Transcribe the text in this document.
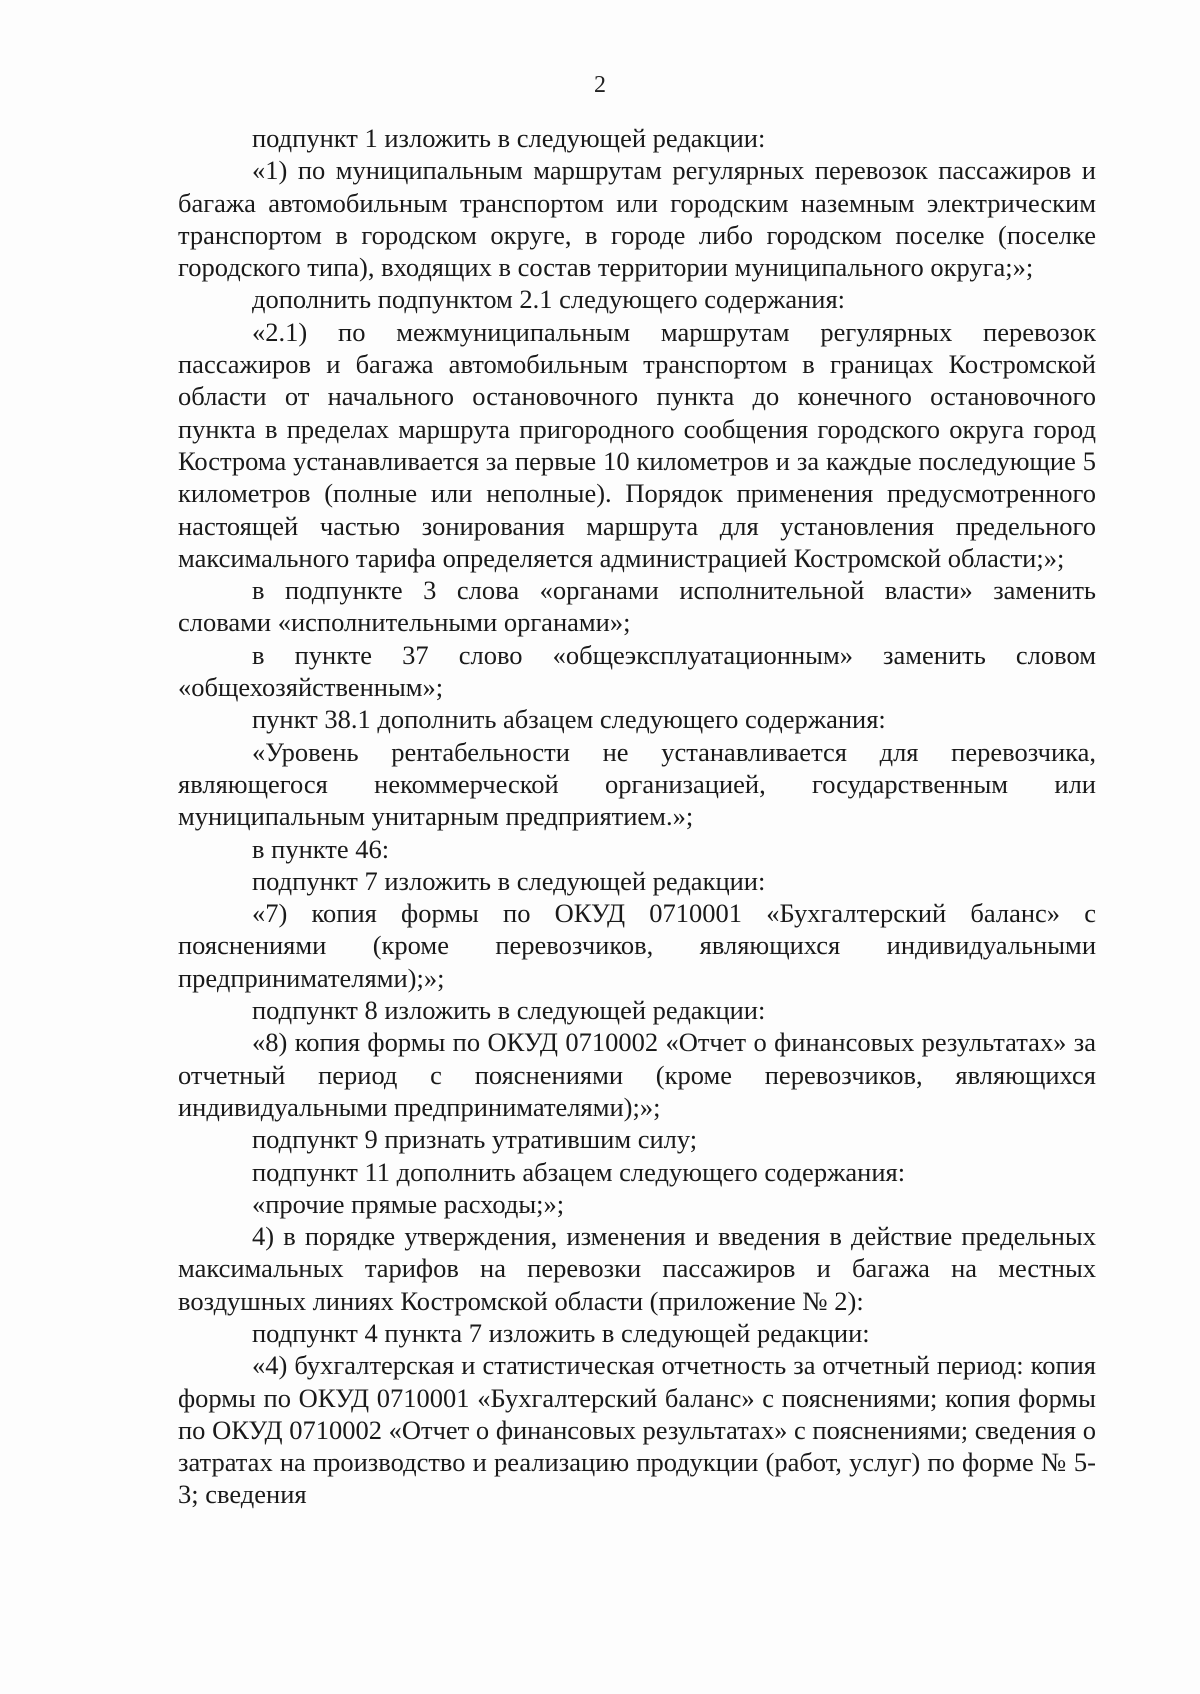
2

подпункт 1 изложить в следующей редакции:

«1) по муниципальным маршрутам регулярных перевозок пассажиров и багажа автомобильным транспортом или городским наземным электрическим транспортом в городском округе, в городе либо городском поселке (поселке городского типа), входящих в состав территории муниципального округа;»;

дополнить подпунктом 2.1 следующего содержания:

«2.1) по межмуниципальным маршрутам регулярных перевозок пассажиров и багажа автомобильным транспортом в границах Костромской области от начального остановочного пункта до конечного остановочного пункта в пределах маршрута пригородного сообщения городского округа город Кострома устанавливается за первые 10 километров и за каждые последующие 5 километров (полные или неполные). Порядок применения предусмотренного настоящей частью зонирования маршрута для установления предельного максимального тарифа определяется администрацией Костромской области;»;

в подпункте 3 слова «органами исполнительной власти» заменить словами «исполнительными органами»;

в пункте 37 слово «общеэксплуатационным» заменить словом «общехозяйственным»;

пункт 38.1 дополнить абзацем следующего содержания:

«Уровень рентабельности не устанавливается для перевозчика, являющегося некоммерческой организацией, государственным или муниципальным унитарным предприятием.»;

в пункте 46:

подпункт 7 изложить в следующей редакции:

«7) копия формы по ОКУД 0710001 «Бухгалтерский баланс» с пояснениями (кроме перевозчиков, являющихся индивидуальными предпринимателями);»;

подпункт 8 изложить в следующей редакции:

«8) копия формы по ОКУД 0710002 «Отчет о финансовых результатах» за отчетный период с пояснениями (кроме перевозчиков, являющихся индивидуальными предпринимателями);»;

подпункт 9 признать утратившим силу;

подпункт 11 дополнить абзацем следующего содержания:

«прочие прямые расходы;»;

4) в порядке утверждения, изменения и введения в действие предельных максимальных тарифов на перевозки пассажиров и багажа на местных воздушных линиях Костромской области (приложение № 2):

подпункт 4 пункта 7 изложить в следующей редакции:

«4) бухгалтерская и статистическая отчетность за отчетный период: копия формы по ОКУД 0710001 «Бухгалтерский баланс» с пояснениями; копия формы по ОКУД 0710002 «Отчет о финансовых результатах» с пояснениями; сведения о затратах на производство и реализацию продукции (работ, услуг) по форме № 5-3; сведения
